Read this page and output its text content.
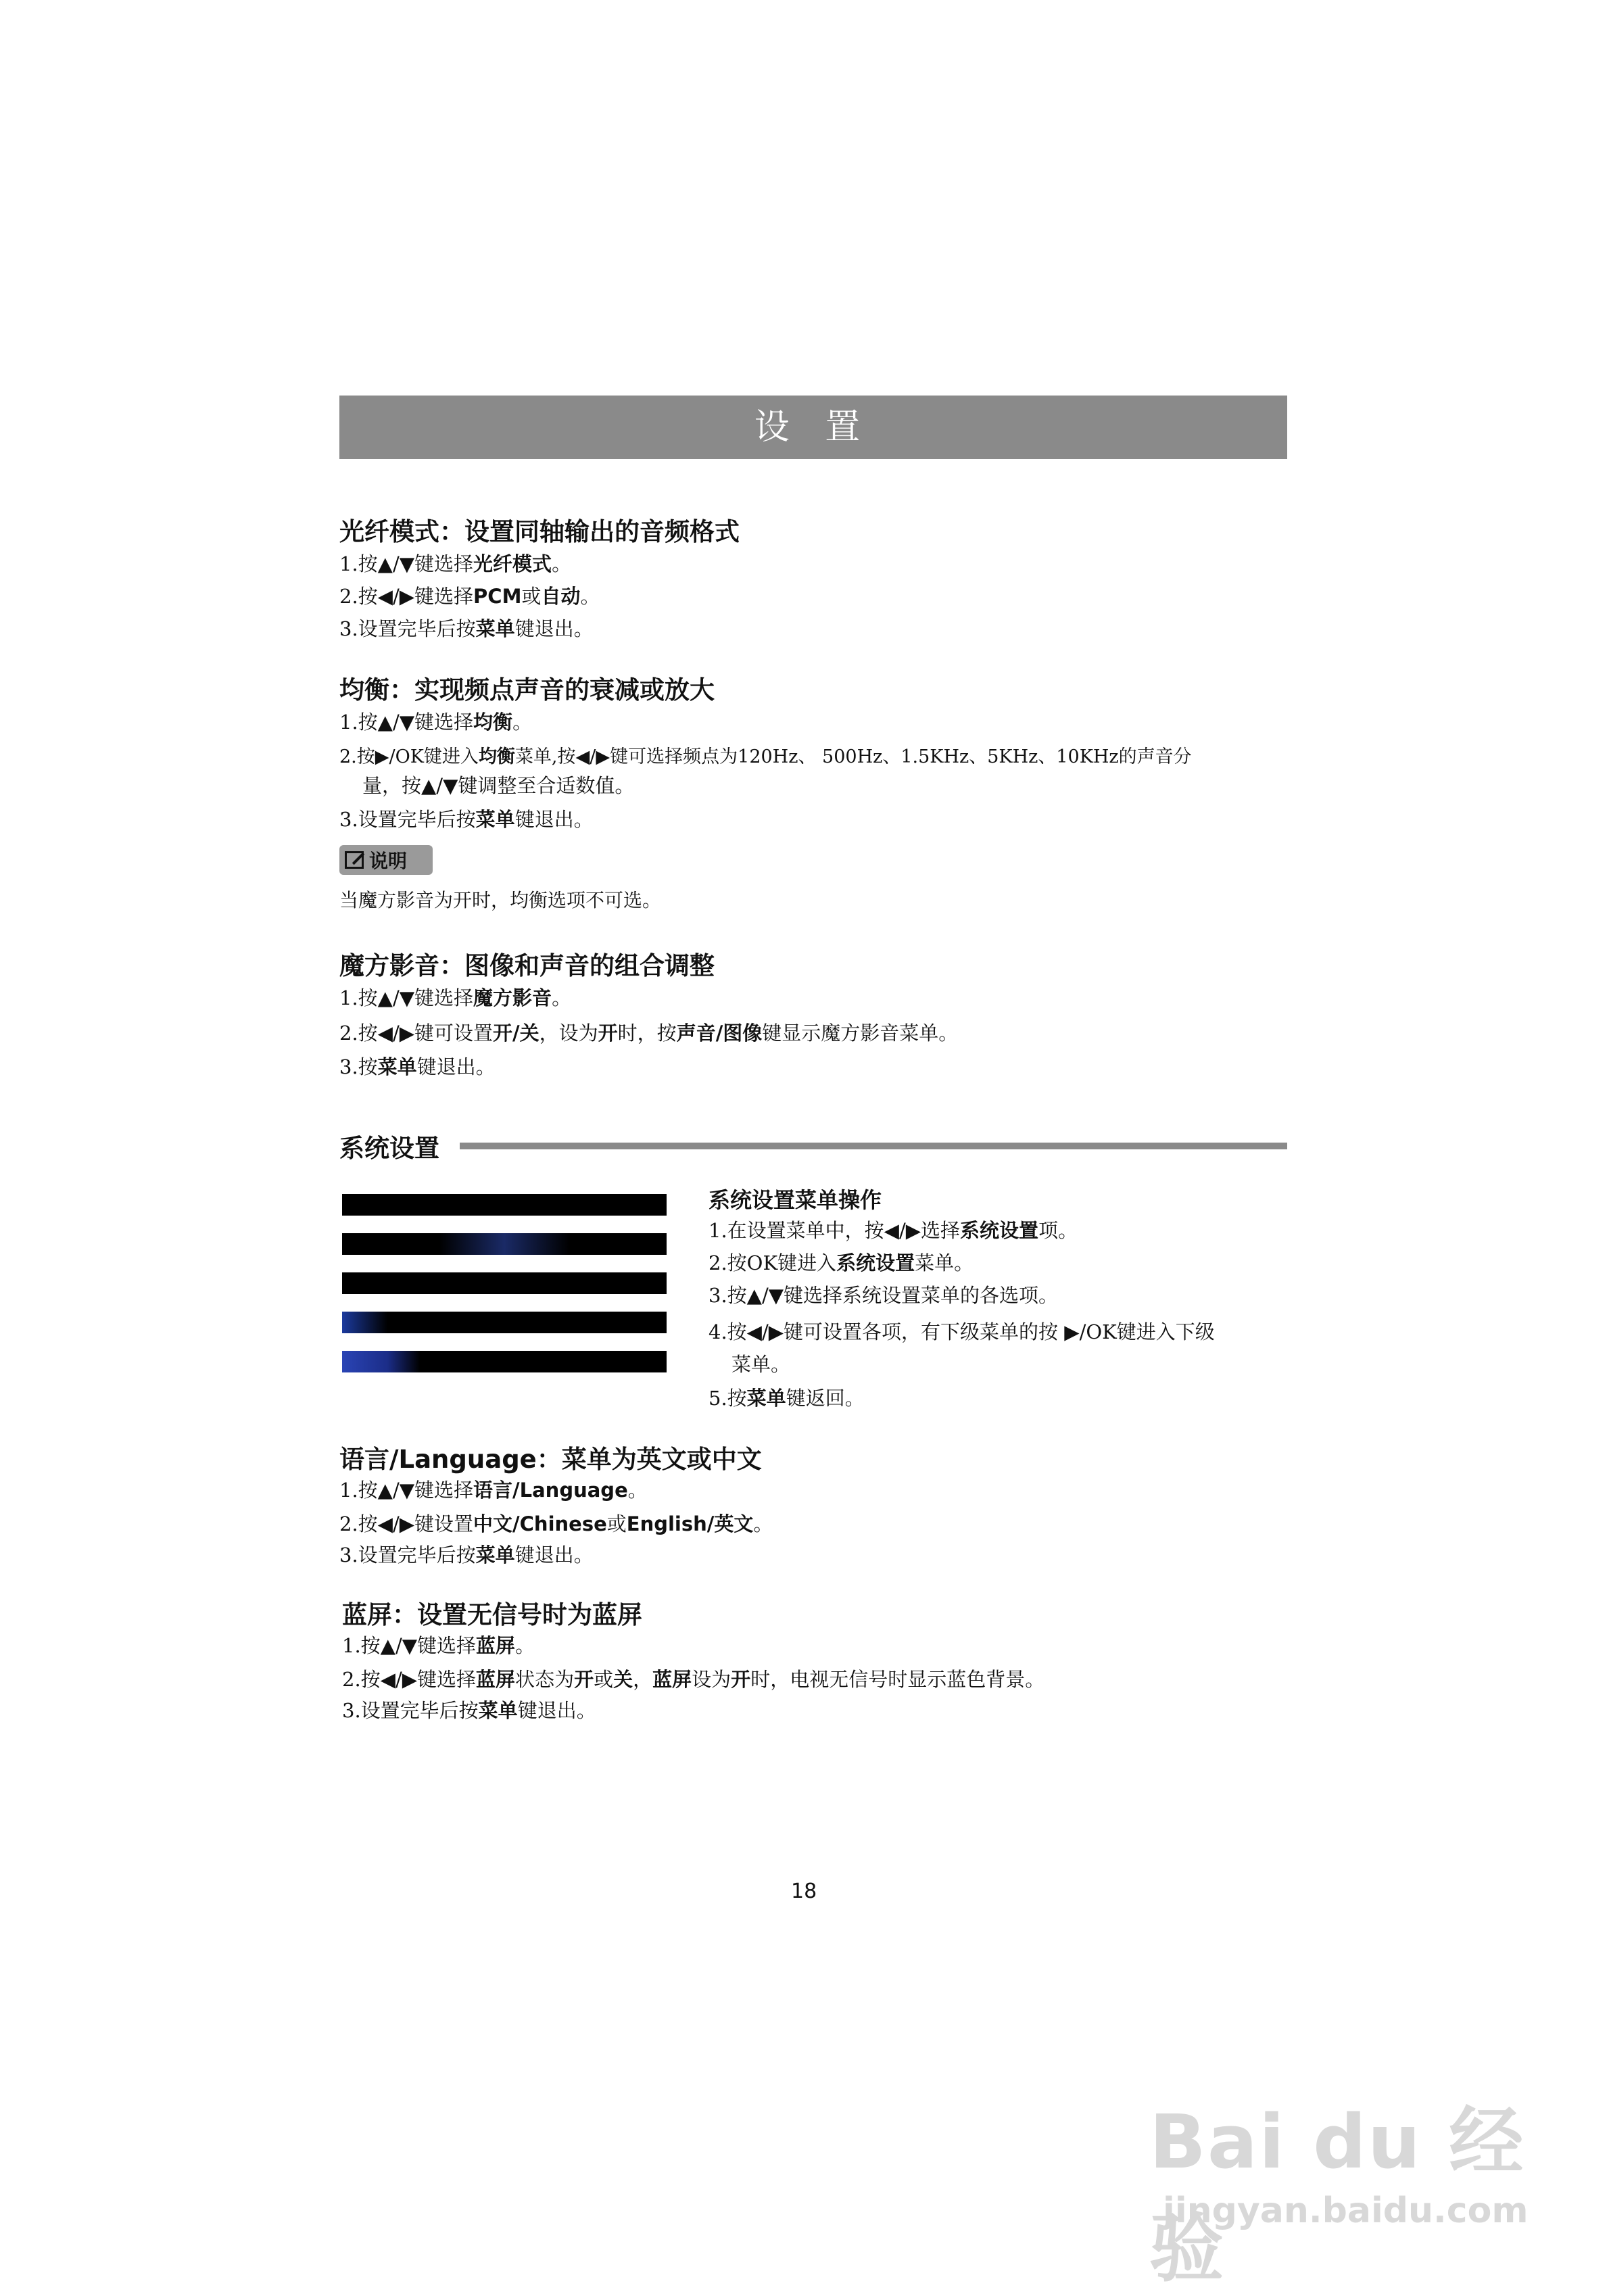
设 置
光纤模式：设置同轴输出的音频格式
1.按▲/▼键选择光纤模式。
2.按◀/▶键选择PCM或自动。
3.设置完毕后按菜单键退出。
均衡：实现频点声音的衰减或放大
1.按▲/▼键选择均衡。
2.按▶/OK键进入均衡菜单,按◀/▶键可选择频点为120Hz、 500Hz、1.5KHz、5KHz、10KHz的声音分
量，按▲/▼键调整至合适数值。
3.设置完毕后按菜单键退出。
说明
当魔方影音为开时，均衡选项不可选。
魔方影音：图像和声音的组合调整
1.按▲/▼键选择魔方影音。
2.按◀/▶键可设置开/关，设为开时，按声音/图像键显示魔方影音菜单。
3.按菜单键退出。
系统设置
系统设置菜单操作
1.在设置菜单中，按◀/▶选择系统设置项。
2.按OK键进入系统设置菜单。
3.按▲/▼键选择系统设置菜单的各选项。
4.按◀/▶键可设置各项，有下级菜单的按 ▶/OK键进入下级
菜单。
5.按菜单键返回。
语言/Language：菜单为英文或中文
1.按▲/▼键选择语言/Language。
2.按◀/▶键设置中文/Chinese或English/英文。
3.设置完毕后按菜单键退出。
蓝屏：设置无信号时为蓝屏
1.按▲/▼键选择蓝屏。
2.按◀/▶键选择蓝屏状态为开或关，蓝屏设为开时，电视无信号时显示蓝色背景。
3.设置完毕后按菜单键退出。
18
Bai du 经验
jingyan.baidu.com
